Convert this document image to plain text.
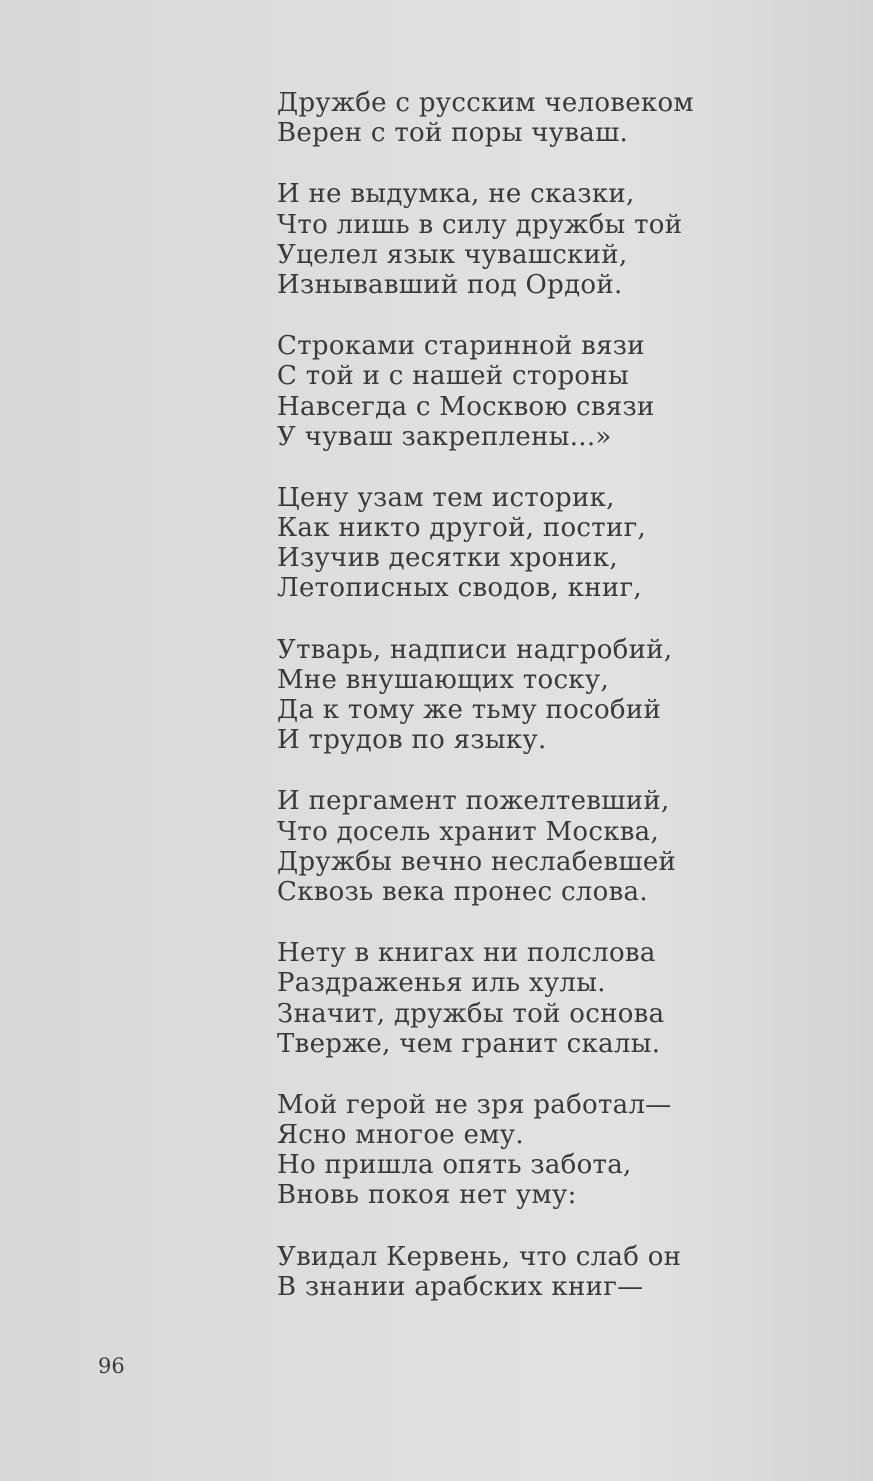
Дружбе с русским человеком
Верен с той поры чуваш.
И не выдумка, не сказки,
Что лишь в силу дружбы той
Уцелел язык чувашский,
Изнывавший под Ордой.
Строками старинной вязи
С той и с нашей стороны
Навсегда с Москвою связи
У чуваш закреплены...»
Цену узам тем историк,
Как никто другой, постиг,
Изучив десятки хроник,
Летописных сводов, книг,
Утварь, надписи надгробий,
Мне внушающих тоску,
Да к тому же тьму пособий
И трудов по языку.
И пергамент пожелтевший,
Что досель хранит Москва,
Дружбы вечно неслабевшей
Сквозь века пронес слова.
Нету в книгах ни полслова
Раздраженья иль хулы.
Значит, дружбы той основа
Тверже, чем гранит скалы.
Мой герой не зря работал—
Ясно многое ему.
Но пришла опять забота,
Вновь покоя нет уму:
Увидал Кервень, что слаб он
В знании арабских книг—
96
